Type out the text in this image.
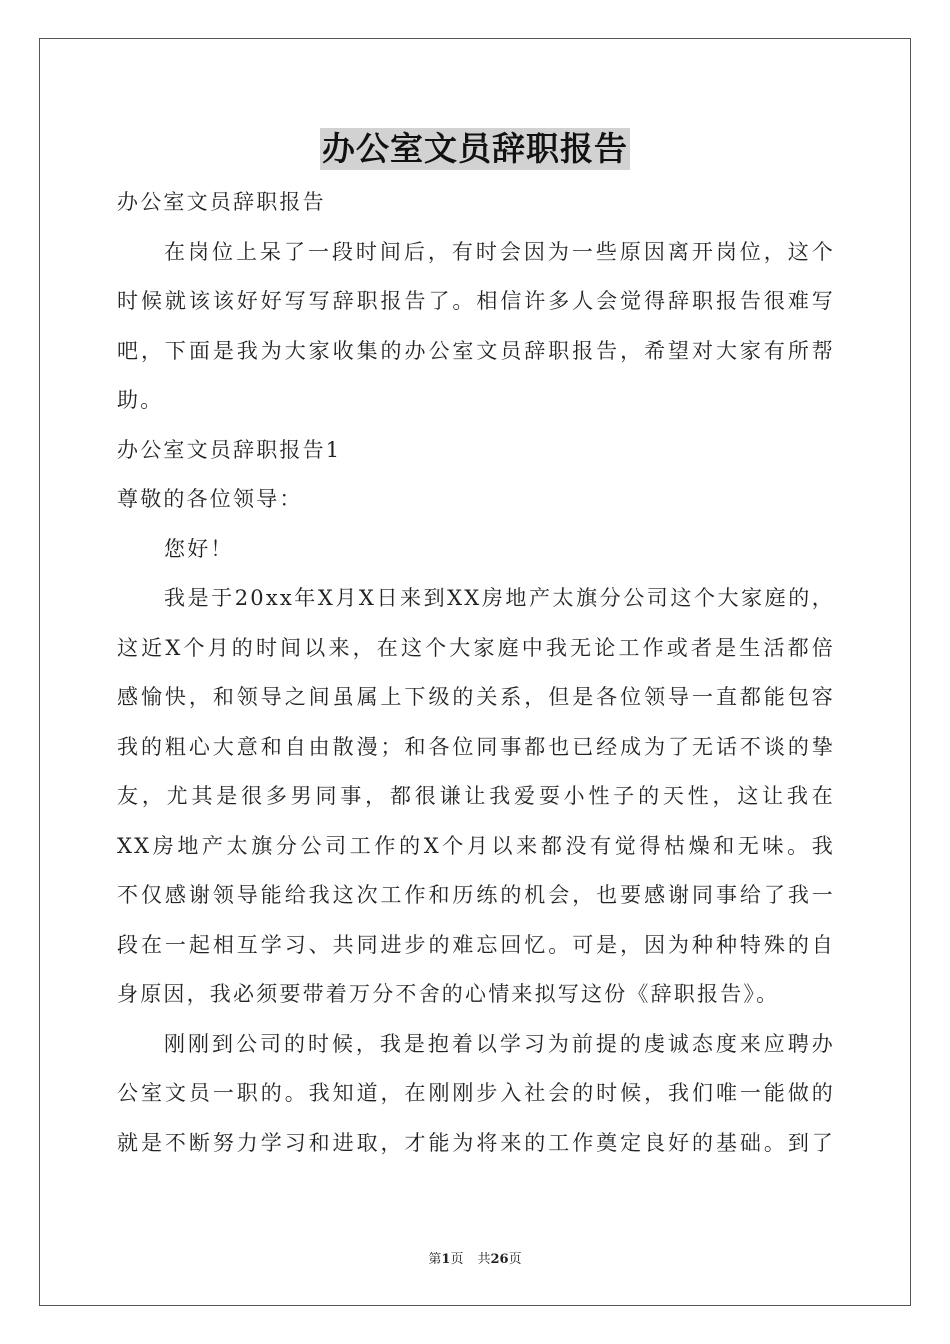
办公室文员辞职报告
办公室文员辞职报告
在岗位上呆了一段时间后，有时会因为一些原因离开岗位，这个
时候就该该好好写写辞职报告了。相信许多人会觉得辞职报告很难写
吧，下面是我为大家收集的办公室文员辞职报告，希望对大家有所帮
助。
办公室文员辞职报告1
尊敬的各位领导：
您好！
我是于20xx年X月X日来到XX房地产太旗分公司这个大家庭的，
这近X个月的时间以来，在这个大家庭中我无论工作或者是生活都倍
感愉快，和领导之间虽属上下级的关系，但是各位领导一直都能包容
我的粗心大意和自由散漫；和各位同事都也已经成为了无话不谈的挚
友，尤其是很多男同事，都很谦让我爱耍小性子的天性，这让我在
XX房地产太旗分公司工作的X个月以来都没有觉得枯燥和无味。我
不仅感谢领导能给我这次工作和历练的机会，也要感谢同事给了我一
段在一起相互学习、共同进步的难忘回忆。可是，因为种种特殊的自
身原因，我必须要带着万分不舍的心情来拟写这份《辞职报告》。
刚刚到公司的时候，我是抱着以学习为前提的虔诚态度来应聘办
公室文员一职的。我知道，在刚刚步入社会的时候，我们唯一能做的
就是不断努力学习和进取，才能为将来的工作奠定良好的基础。到了
第1页 共26页
